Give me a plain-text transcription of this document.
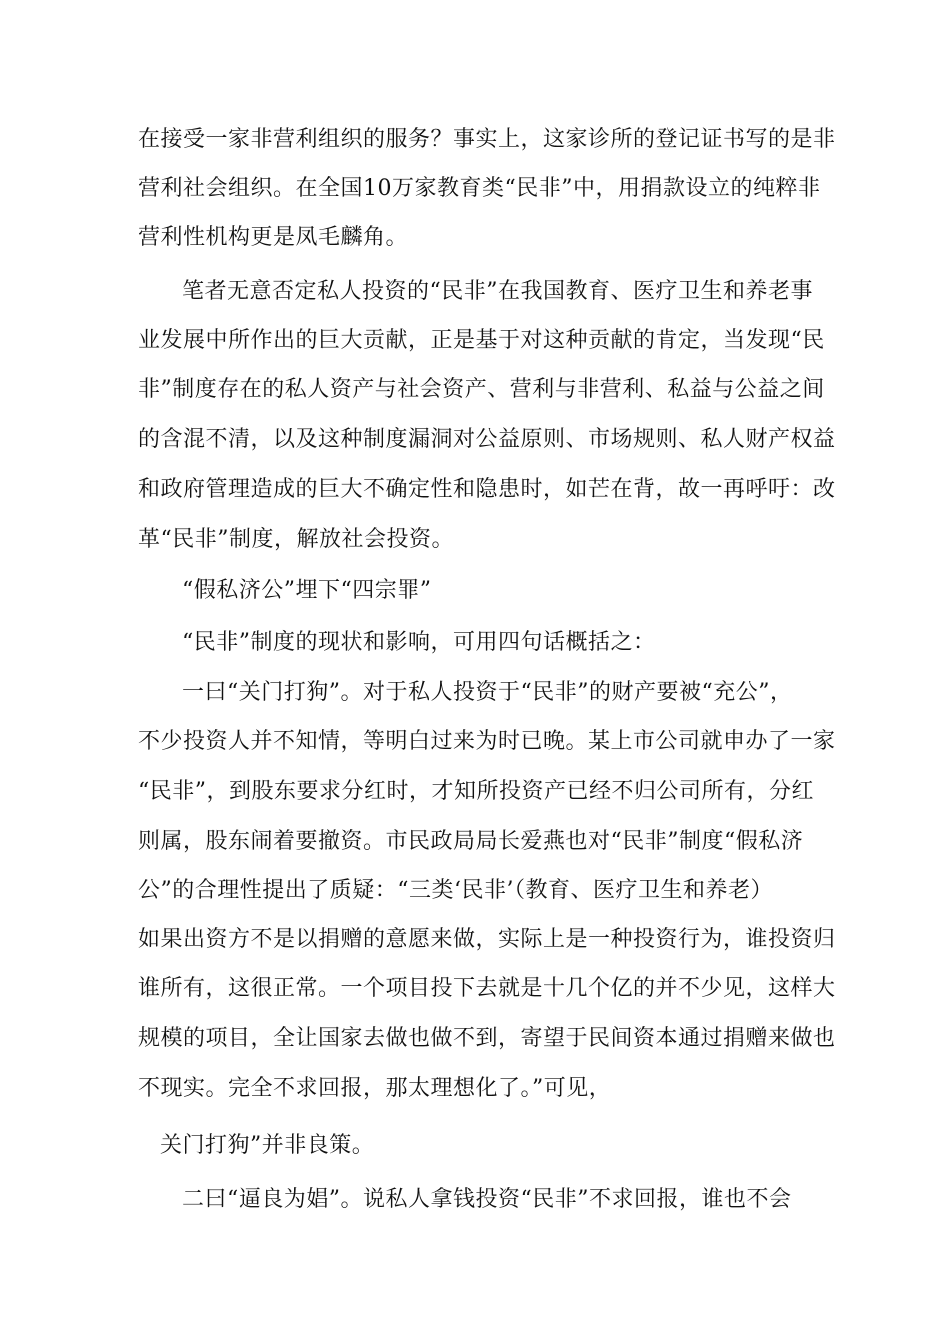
在接受一家非营利组织的服务？事实上，这家诊所的登记证书写的是非
营利社会组织。在全国10万家教育类“民非”中，用捐款设立的纯粹非
营利性机构更是凤毛麟角。
笔者无意否定私人投资的“民非”在我国教育、医疗卫生和养老事
业发展中所作出的巨大贡献，正是基于对这种贡献的肯定，当发现“民
非”制度存在的私人资产与社会资产、营利与非营利、私益与公益之间
的含混不清，以及这种制度漏洞对公益原则、市场规则、私人财产权益
和政府管理造成的巨大不确定性和隐患时，如芒在背，故一再呼吁：改
革“民非”制度，解放社会投资。
“假私济公”埋下“四宗罪”
“民非”制度的现状和影响，可用四句话概括之：
一曰“关门打狗”。对于私人投资于“民非”的财产要被“充公”，
不少投资人并不知情，等明白过来为时已晚。某上市公司就申办了一家
“民非”，到股东要求分红时，才知所投资产已经不归公司所有，分红
则属，股东闹着要撤资。市民政局局长爱燕也对“民非”制度“假私济
公”的合理性提出了质疑：“三类‘民非’（教育、医疗卫生和养老）
如果出资方不是以捐赠的意愿来做，实际上是一种投资行为，谁投资归
谁所有，这很正常。一个项目投下去就是十几个亿的并不少见，这样大
规模的项目，全让国家去做也做不到，寄望于民间资本通过捐赠来做也
不现实。完全不求回报，那太理想化了。”可见，
关门打狗”并非良策。
二曰“逼良为娼”。说私人拿钱投资“民非”不求回报，谁也不会
